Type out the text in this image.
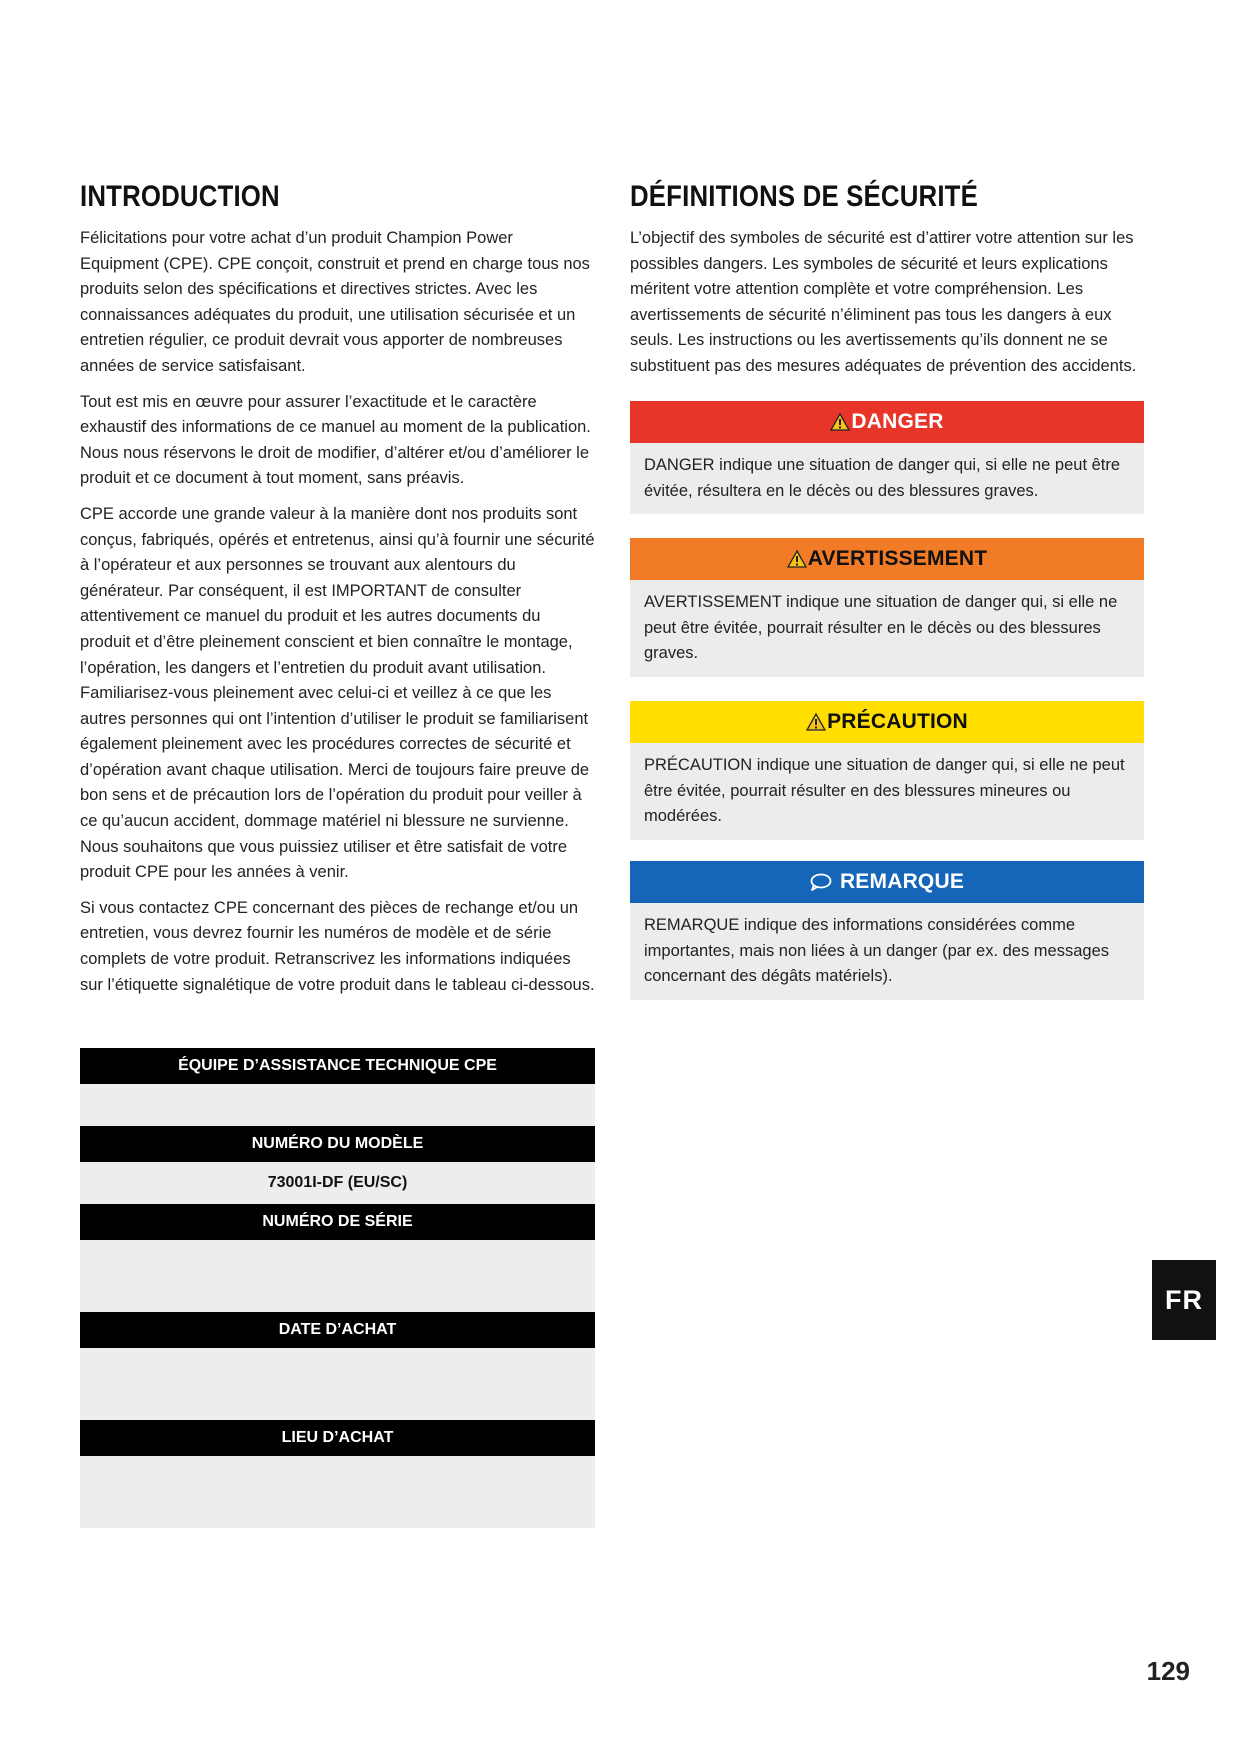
INTRODUCTION

Félicitations pour votre achat d’un produit Champion Power Equipment (CPE). CPE conçoit, construit et prend en charge tous nos produits selon des spécifications et directives strictes. Avec les connaissances adéquates du produit, une utilisation sécurisée et un entretien régulier, ce produit devrait vous apporter de nombreuses années de service satisfaisant.

Tout est mis en œuvre pour assurer l’exactitude et le caractère exhaustif des informations de ce manuel au moment de la publication. Nous nous réservons le droit de modifier, d’altérer et/ou d’améliorer le produit et ce document à tout moment, sans préavis.

CPE accorde une grande valeur à la manière dont nos produits sont conçus, fabriqués, opérés et entretenus, ainsi qu’à fournir une sécurité à l’opérateur et aux personnes se trouvant aux alentours du générateur. Par conséquent, il est IMPORTANT de consulter attentivement ce manuel du produit et les autres documents du produit et d’être pleinement conscient et bien connaître le montage, l’opération, les dangers et l’entretien du produit avant utilisation. Familiarisez-vous pleinement avec celui-ci et veillez à ce que les autres personnes qui ont l’intention d’utiliser le produit se familiarisent également pleinement avec les procédures correctes de sécurité et d’opération avant chaque utilisation. Merci de toujours faire preuve de bon sens et de précaution lors de l’opération du produit pour veiller à ce qu’aucun accident, dommage matériel ni blessure ne survienne. Nous souhaitons que vous puissiez utiliser et être satisfait de votre produit CPE pour les années à venir.

Si vous contactez CPE concernant des pièces de rechange et/ou un entretien, vous devrez fournir les numéros de modèle et de série complets de votre produit. Retranscrivez les informations indiquées sur l’étiquette signalétique de votre produit dans le tableau ci-dessous.

ÉQUIPE D’ASSISTANCE TECHNIQUE CPE
NUMÉRO DU MODÈLE
73001I-DF (EU/SC)
NUMÉRO DE SÉRIE
DATE D’ACHAT
LIEU D’ACHAT
DÉFINITIONS DE SÉCURITÉ

L’objectif des symboles de sécurité est d’attirer votre attention sur les possibles dangers. Les symboles de sécurité et leurs explications méritent votre attention complète et votre compréhension. Les avertissements de sécurité n’éliminent pas tous les dangers à eux seuls. Les instructions ou les avertissements qu’ils donnent ne se substituent pas des mesures adéquates de prévention des accidents.

DANGER
DANGER indique une situation de danger qui, si elle ne peut être évitée, résultera en le décès ou des blessures graves.
AVERTISSEMENT
AVERTISSEMENT indique une situation de danger qui, si elle ne peut être évitée, pourrait résulter en le décès ou des blessures graves.
PRÉCAUTION
PRÉCAUTION indique une situation de danger qui, si elle ne peut être évitée, pourrait résulter en des blessures mineures ou modérées.
REMARQUE
REMARQUE indique des informations considérées comme importantes, mais non liées à un danger (par ex. des messages concernant des dégâts matériels).
FR
129
